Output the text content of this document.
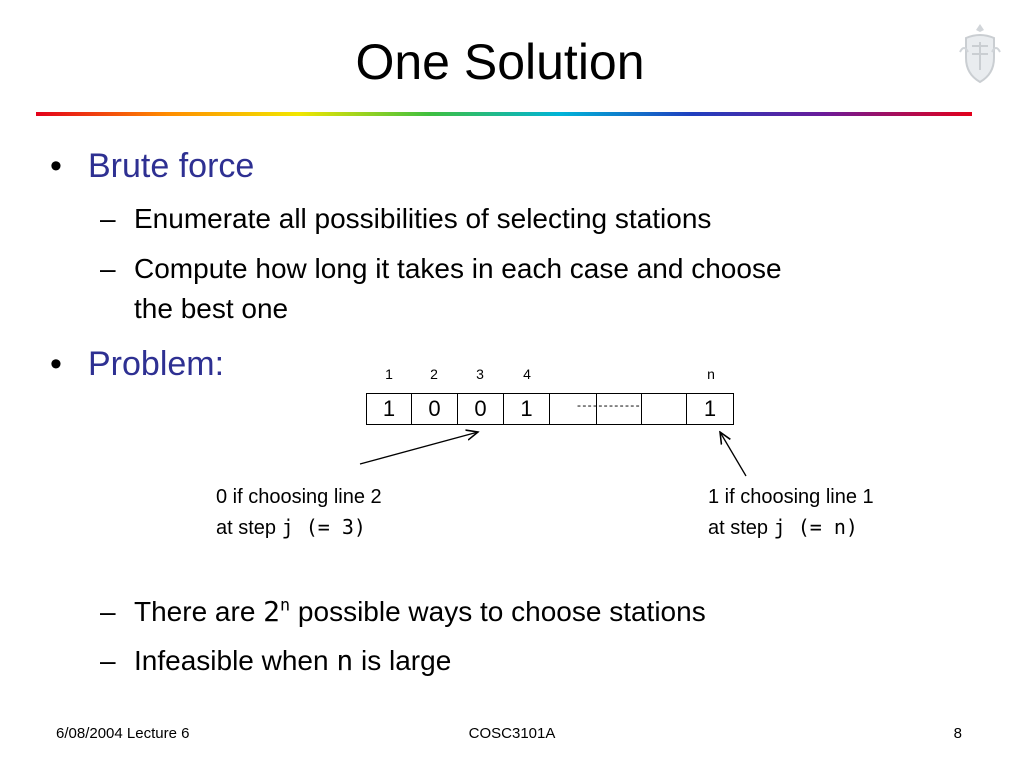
One Solution
• Brute force
– Enumerate all possibilities of selecting stations
– Compute how long it takes in each case and choose
the best one
• Problem:	1	2	3	4	n
1	0	0	1	1
- - - - - - - - - - - -
0 if choosing line 2
at step j (= 3)
1 if choosing line 1
at step j (= n)
– There are 2$^n$ possible ways to choose stations
– Infeasible when n is large
6/08/2004 Lecture 6	COSC3101A	8
